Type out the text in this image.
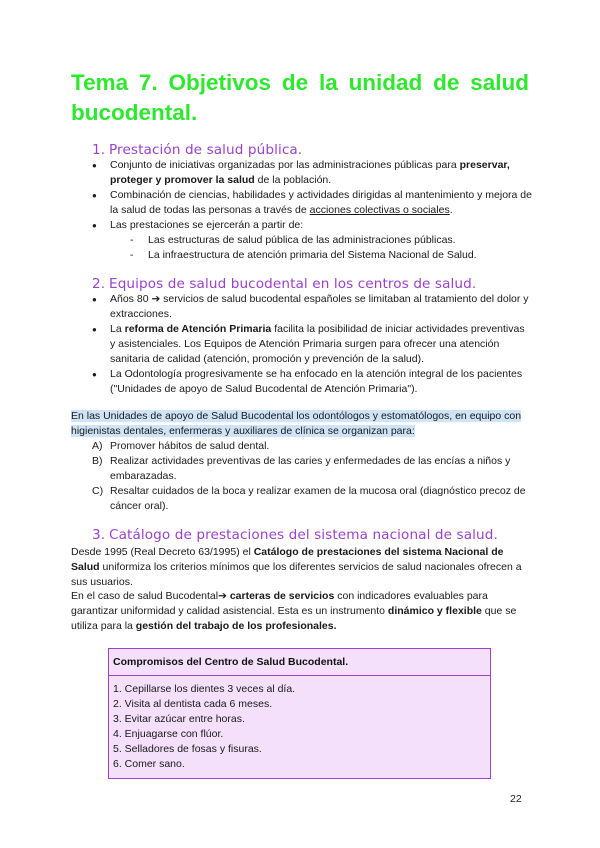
Tema 7. Objetivos de la unidad de salud bucodental.
1. Prestación de salud pública.
● Conjunto de iniciativas organizadas por las administraciones públicas para preservar, proteger y promover la salud de la población.
● Combinación de ciencias, habilidades y actividades dirigidas al mantenimiento y mejora de la salud de todas las personas a través de acciones colectivas o sociales.
● Las prestaciones se ejercerán a partir de:
- Las estructuras de salud pública de las administraciones públicas.
- La infraestructura de atención primaria del Sistema Nacional de Salud.
2. Equipos de salud bucodental en los centros de salud.
● Años 80 ➔ servicios de salud bucodental españoles se limitaban al tratamiento del dolor y extracciones.
● La reforma de Atención Primaria facilita la posibilidad de iniciar actividades preventivas y asistenciales. Los Equipos de Atención Primaria surgen para ofrecer una atención sanitaria de calidad (atención, promoción y prevención de la salud).
● La Odontología progresivamente se ha enfocado en la atención integral de los pacientes ("Unidades de apoyo de Salud Bucodental de Atención Primaria").

En las Unidades de apoyo de Salud Bucodental los odontólogos y estomatólogos, en equipo con higienistas dentales, enfermeras y auxiliares de clínica se organizan para:

A) Promover hábitos de salud dental.
B) Realizar actividades preventivas de las caries y enfermedades de las encías a niños y embarazadas.
C) Resaltar cuidados de la boca y realizar examen de la mucosa oral (diagnóstico precoz de cáncer oral).
3. Catálogo de prestaciones del sistema nacional de salud.

Desde 1995 (Real Decreto 63/1995) el Catálogo de prestaciones del sistema Nacional de Salud uniformiza los criterios mínimos que los diferentes servicios de salud nacionales ofrecen a sus usuarios.

En el caso de salud Bucodental➔ carteras de servicios con indicadores evaluables para garantizar uniformidad y calidad asistencial. Esta es un instrumento dinámico y flexible que se utiliza para la gestión del trabajo de los profesionales.

Compromisos del Centro de Salud Bucodental.
1. Cepillarse los dientes 3 veces al día.
2. Visita al dentista cada 6 meses.
3. Evitar azúcar entre horas.
4. Enjuagarse con flúor.
5. Selladores de fosas y fisuras.
6. Comer sano.
22
